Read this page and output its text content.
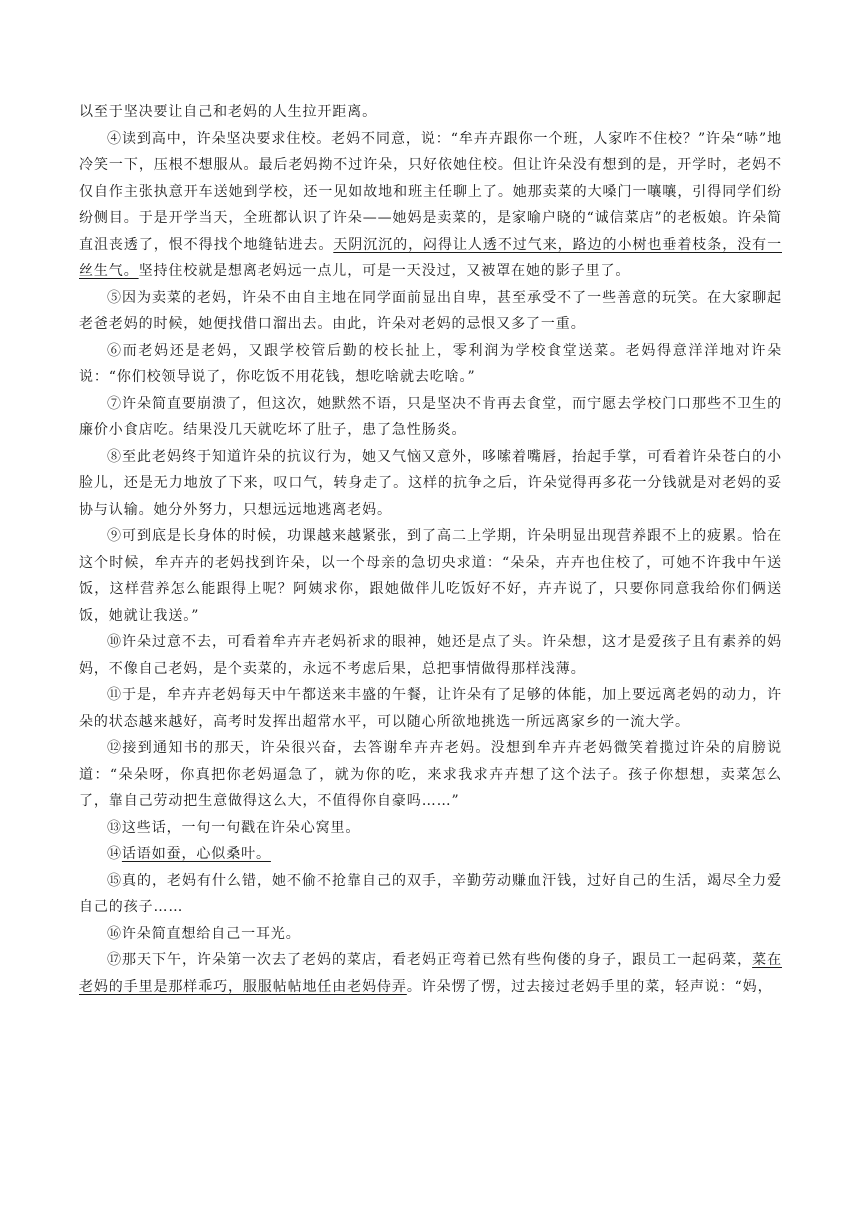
以至于坚决要让自己和老妈的人生拉开距离。

④读到高中，许朵坚决要求住校。老妈不同意，说：“牟卉卉跟你一个班，人家咋不住校？”许朵“哧”地冷笑一下，压根不想服从。最后老妈拗不过许朵，只好依她住校。但让许朵没有想到的是，开学时，老妈不仅自作主张执意开车送她到学校，还一见如故地和班主任聊上了。她那卖菜的大嗓门一嚷嚷，引得同学们纷纷侧目。于是开学当天，全班都认识了许朵——她妈是卖菜的，是家喻户晓的“诚信菜店”的老板娘。许朵简直沮丧透了，恨不得找个地缝钻进去。天阴沉沉的，闷得让人透不过气来，路边的小树也垂着枝条，没有一丝生气。坚持住校就是想离老妈远一点儿，可是一天没过，又被罩在她的影子里了。

⑤因为卖菜的老妈，许朵不由自主地在同学面前显出自卑，甚至承受不了一些善意的玩笑。在大家聊起老爸老妈的时候，她便找借口溜出去。由此，许朵对老妈的忌恨又多了一重。

⑥而老妈还是老妈，又跟学校管后勤的校长扯上，零利润为学校食堂送菜。老妈得意洋洋地对许朵说：“你们校领导说了，你吃饭不用花钱，想吃啥就去吃啥。”

⑦许朵简直要崩溃了，但这次，她默然不语，只是坚决不肯再去食堂，而宁愿去学校门口那些不卫生的廉价小食店吃。结果没几天就吃坏了肚子，患了急性肠炎。

⑧至此老妈终于知道许朵的抗议行为，她又气恼又意外，哆嗦着嘴唇，抬起手掌，可看着许朵苍白的小脸儿，还是无力地放了下来，叹口气，转身走了。这样的抗争之后，许朵觉得再多花一分钱就是对老妈的妥协与认输。她分外努力，只想远远地逃离老妈。

⑨可到底是长身体的时候，功课越来越紧张，到了高二上学期，许朵明显出现营养跟不上的疲累。恰在这个时候，牟卉卉的老妈找到许朵，以一个母亲的急切央求道：“朵朵，卉卉也住校了，可她不许我中午送饭，这样营养怎么能跟得上呢？阿姨求你，跟她做伴儿吃饭好不好，卉卉说了，只要你同意我给你们俩送饭，她就让我送。”

⑩许朵过意不去，可看着牟卉卉老妈祈求的眼神，她还是点了头。许朵想，这才是爱孩子且有素养的妈妈，不像自己老妈，是个卖菜的，永远不考虑后果，总把事情做得那样浅薄。

⑪于是，牟卉卉老妈每天中午都送来丰盛的午餐，让许朵有了足够的体能，加上要远离老妈的动力，许朵的状态越来越好，高考时发挥出超常水平，可以随心所欲地挑选一所远离家乡的一流大学。

⑫接到通知书的那天，许朵很兴奋，去答谢牟卉卉老妈。没想到牟卉卉老妈微笑着揽过许朵的肩膀说道：“朵朵呀，你真把你老妈逼急了，就为你的吃，来求我求卉卉想了这个法子。孩子你想想，卖菜怎么了，靠自己劳动把生意做得这么大，不值得你自豪吗……”

⑬这些话，一句一句戳在许朵心窝里。

⑭话语如蚕，心似桑叶。

⑮真的，老妈有什么错，她不偷不抢靠自己的双手，辛勤劳动赚血汗钱，过好自己的生活，竭尽全力爱自己的孩子……

⑯许朵简直想给自己一耳光。

⑰那天下午，许朵第一次去了老妈的菜店，看老妈正弯着已然有些佝偻的身子，跟员工一起码菜，菜在老妈的手里是那样乖巧，服服帖帖地任由老妈侍弄。许朵愣了愣，过去接过老妈手里的菜，轻声说：“妈，
